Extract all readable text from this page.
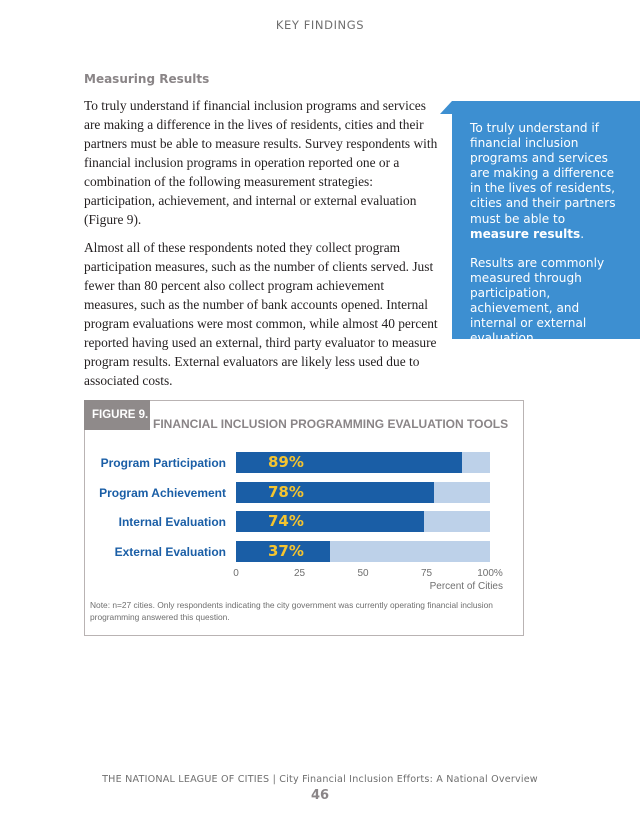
KEY FINDINGS
Measuring Results

To truly understand if financial inclusion programs and services are making a difference in the lives of residents, cities and their partners must be able to measure results. Survey respondents with financial inclusion programs in operation reported one or a combination of the following measurement strategies: participation, achievement, and internal or external evaluation (Figure 9).

Almost all of these respondents noted they collect program participation measures, such as the number of clients served. Just fewer than 80 percent also collect program achievement measures, such as the number of bank accounts opened. Internal program evaluations were most common, while almost 40 percent reported having used an external, third party evaluator to measure program results. External evaluators are likely less used due to associated costs.

To truly understand if financial inclusion programs and services are making a difference in the lives of residents, cities and their partners must be able to measure results.

Results are commonly measured through participation, achievement, and internal or external evaluation.

FIGURE 9.
FINANCIAL INCLUSION PROGRAMMING EVALUATION TOOLS
Program Participation	89%
Program Achievement	78%
Internal Evaluation	74%
External Evaluation	37%
0	25	50	75	100%
Percent of Cities
Note: n=27 cities. Only respondents indicating the city government was currently operating financial inclusion programming answered this question.
THE NATIONAL LEAGUE OF CITIES | City Financial Inclusion Efforts: A National Overview
46
